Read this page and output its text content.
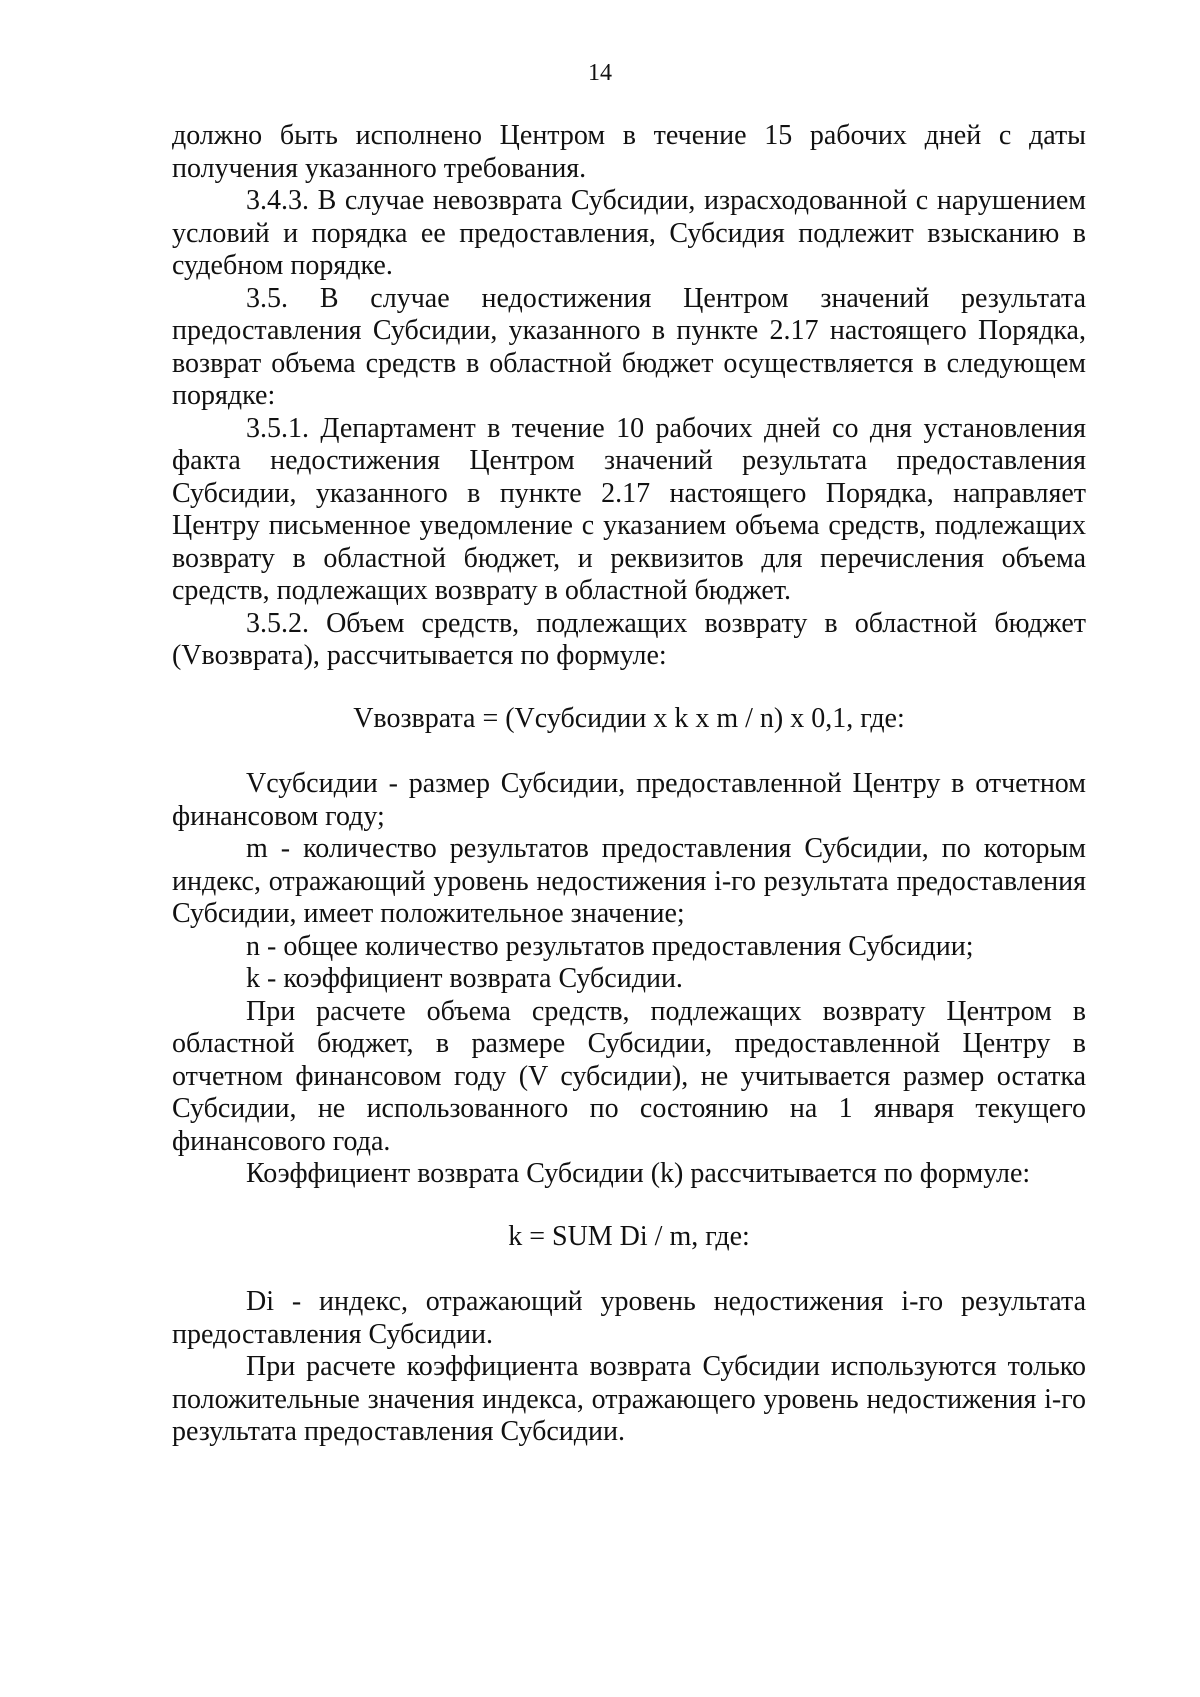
14

должно быть исполнено Центром в течение 15 рабочих дней с даты получения указанного требования.

3.4.3. В случае невозврата Субсидии, израсходованной с нарушением условий и порядка ее предоставления, Субсидия подлежит взысканию в судебном порядке.

3.5. В случае недостижения Центром значений результата предоставления Субсидии, указанного в пункте 2.17 настоящего Порядка, возврат объема средств в областной бюджет осуществляется в следующем порядке:

3.5.1. Департамент в течение 10 рабочих дней со дня установления факта недостижения Центром значений результата предоставления Субсидии, указанного в пункте 2.17 настоящего Порядка, направляет Центру письменное уведомление с указанием объема средств, подлежащих возврату в областной бюджет, и реквизитов для перечисления объема средств, подлежащих возврату в областной бюджет.

3.5.2. Объем средств, подлежащих возврату в областной бюджет (Vвозврата), рассчитывается по формуле:

Vвозврата = (Vсубсидии x k x m / n) x 0,1, где:

Vсубсидии - размер Субсидии, предоставленной Центру в отчетном финансовом году;

m - количество результатов предоставления Субсидии, по которым индекс, отражающий уровень недостижения i-го результата предоставления Субсидии, имеет положительное значение;

n - общее количество результатов предоставления Субсидии;

k - коэффициент возврата Субсидии.

При расчете объема средств, подлежащих возврату Центром в областной бюджет, в размере Субсидии, предоставленной Центру в отчетном финансовом году (V субсидии), не учитывается размер остатка Субсидии, не использованного по состоянию на 1 января текущего финансового года.

Коэффициент возврата Субсидии (k) рассчитывается по формуле:

k = SUM Di / m, где:

Di - индекс, отражающий уровень недостижения i-го результата предоставления Субсидии.

При расчете коэффициента возврата Субсидии используются только положительные значения индекса, отражающего уровень недостижения i-го результата предоставления Субсидии.
